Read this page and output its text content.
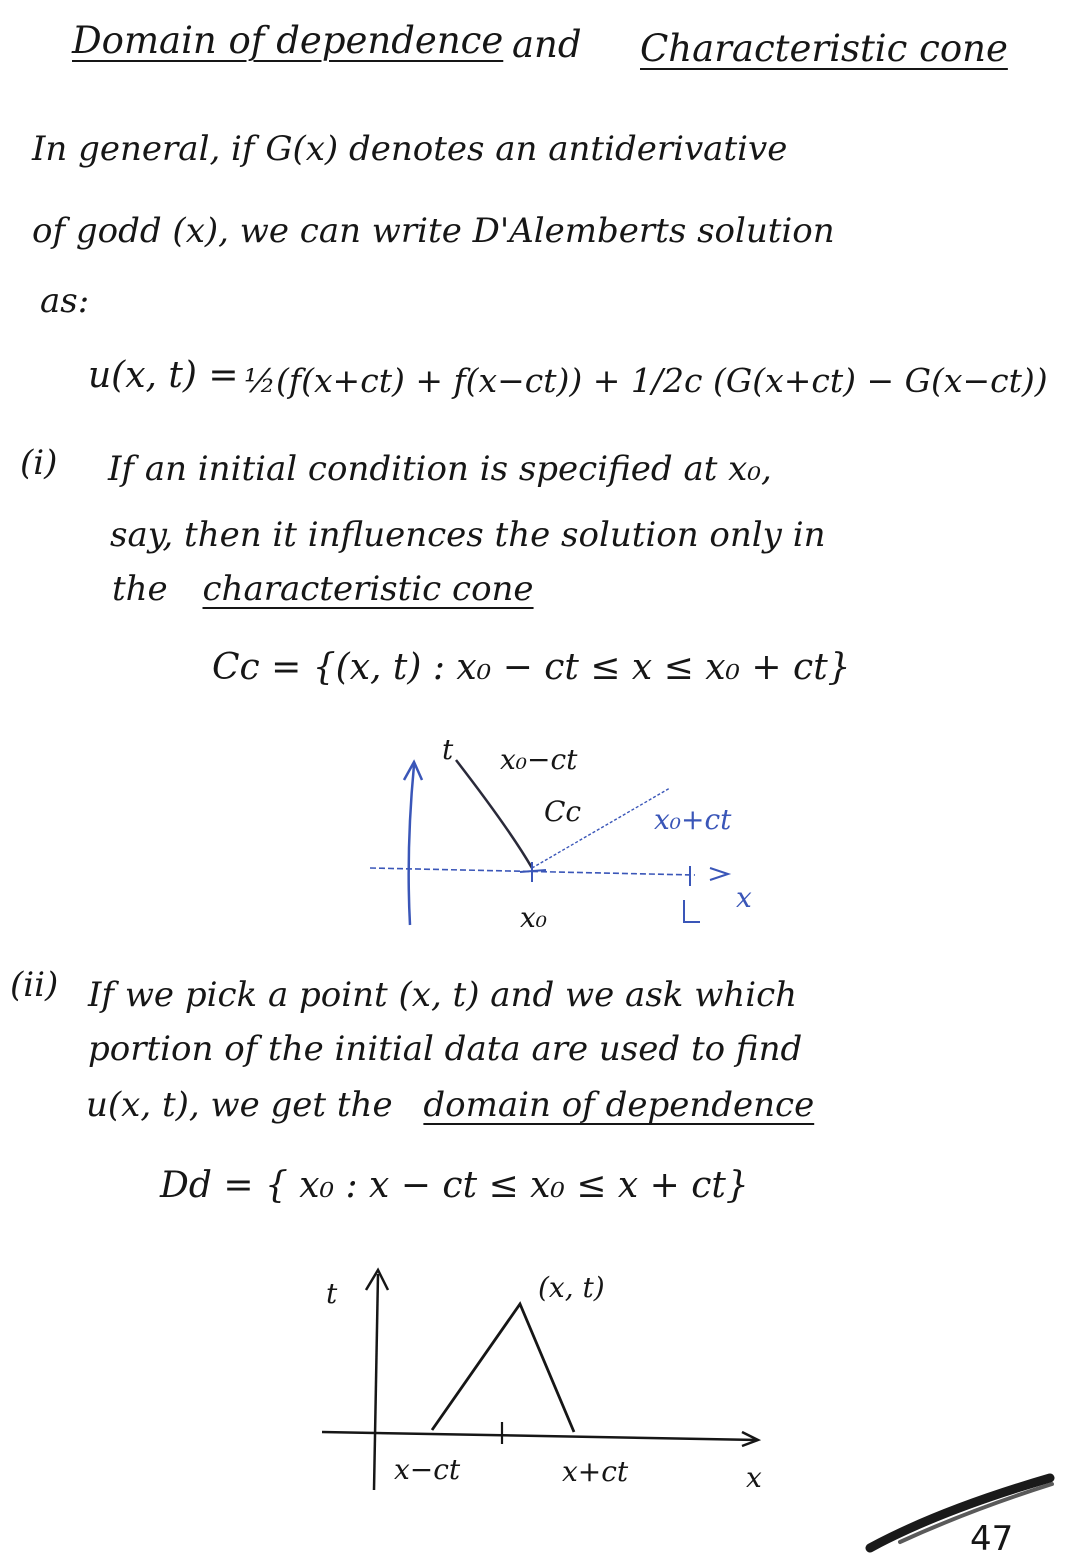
Domain of dependence and Characteristic cone
In general, if G(x) denotes an antiderivative
of godd (x), we can write D'Alemberts solution
as:
u(x, t) = ½(f(x+ct) + f(x−ct)) + 1/2c (G(x+ct) − G(x−ct))
(i) If an initial condition is specified at x₀,
say, then it influences the solution only in
the characteristic cone
Cc = {(x, t) : x₀ − ct ≤ x ≤ x₀ + ct}
t x₀−ct
Cc	x₀+ct
x
x₀
(ii) If we pick a point (x, t) and we ask which
portion of the initial data are used to find
u(x, t), we get the domain of dependence
Dd = { x₀ : x − ct ≤ x₀ ≤ x + ct}
t	(x, t)
x−ct	x+ct	x
47
